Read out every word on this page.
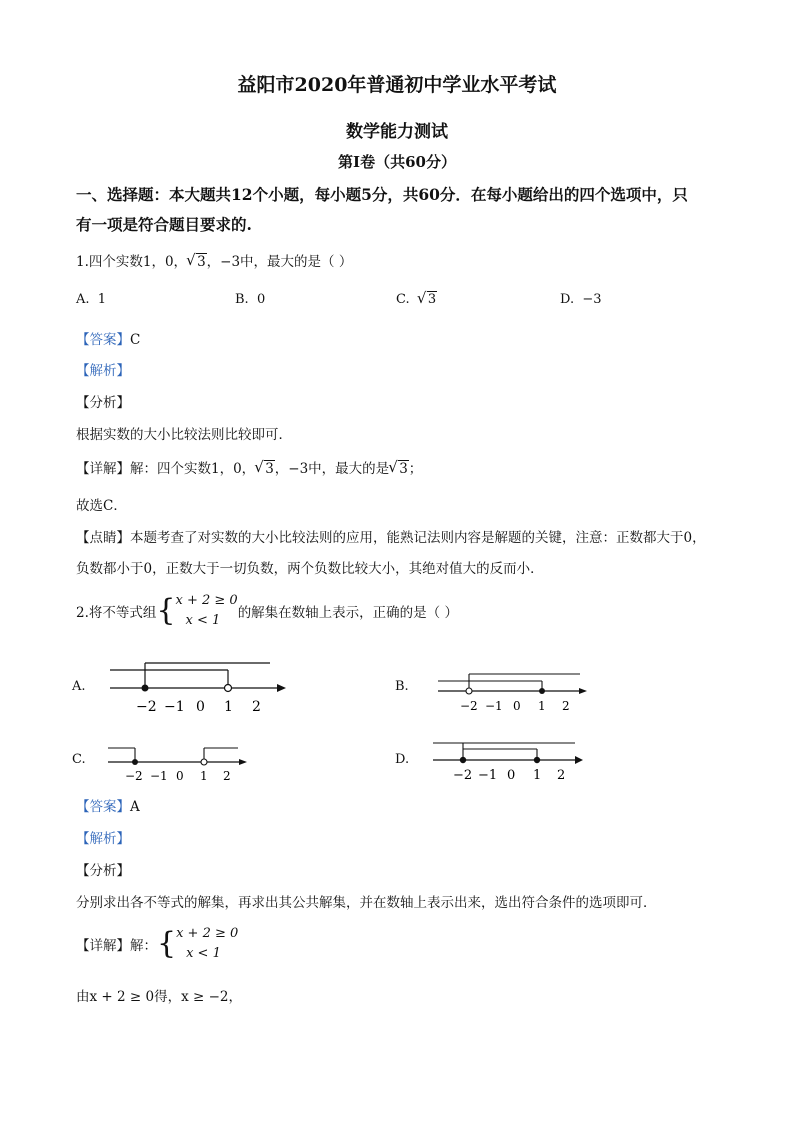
益阳市2020年普通初中学业水平考试
数学能力测试
第Ⅰ卷（共60分）
一、选择题：本大题共12个小题，每小题5分，共60分．在每小题给出的四个选项中，只
有一项是符合题目要求的.
1.四个实数1，0， √ 3，−3中，最大的是（ ）
A. 1	B. 0	C. √ 3	D. −3
【答案】C
【解析】
【分析】
根据实数的大小比较法则比较即可．
【详解】解：四个实数1，0， √ 3，−3中，最大的是 √ 3；
故选C．
【点睛】本题考查了对实数的大小比较法则的应用，能熟记法则内容是解题的关键，注意：正数都大于0，
负数都小于0，正数大于一切负数，两个负数比较大小，其绝对值大的反而小．
2.将不等式组 { x + 2 ≥ 0
x < 1	的解集在数轴上表示，正确的是（ ）
A.
−2 −1 0 1 2
B.
−2 −1 0 1 2
C.
−2 −1 0 1 2
D.
−2 −1 0 1 2
【答案】A
【解析】
【分析】
分别求出各不等式的解集，再求出其公共解集，并在数轴上表示出来，选出符合条件的选项即可．
【详解】 解： { x + 2 ≥ 0
x < 1
由x + 2 ≥ 0得，x ≥ −2，
